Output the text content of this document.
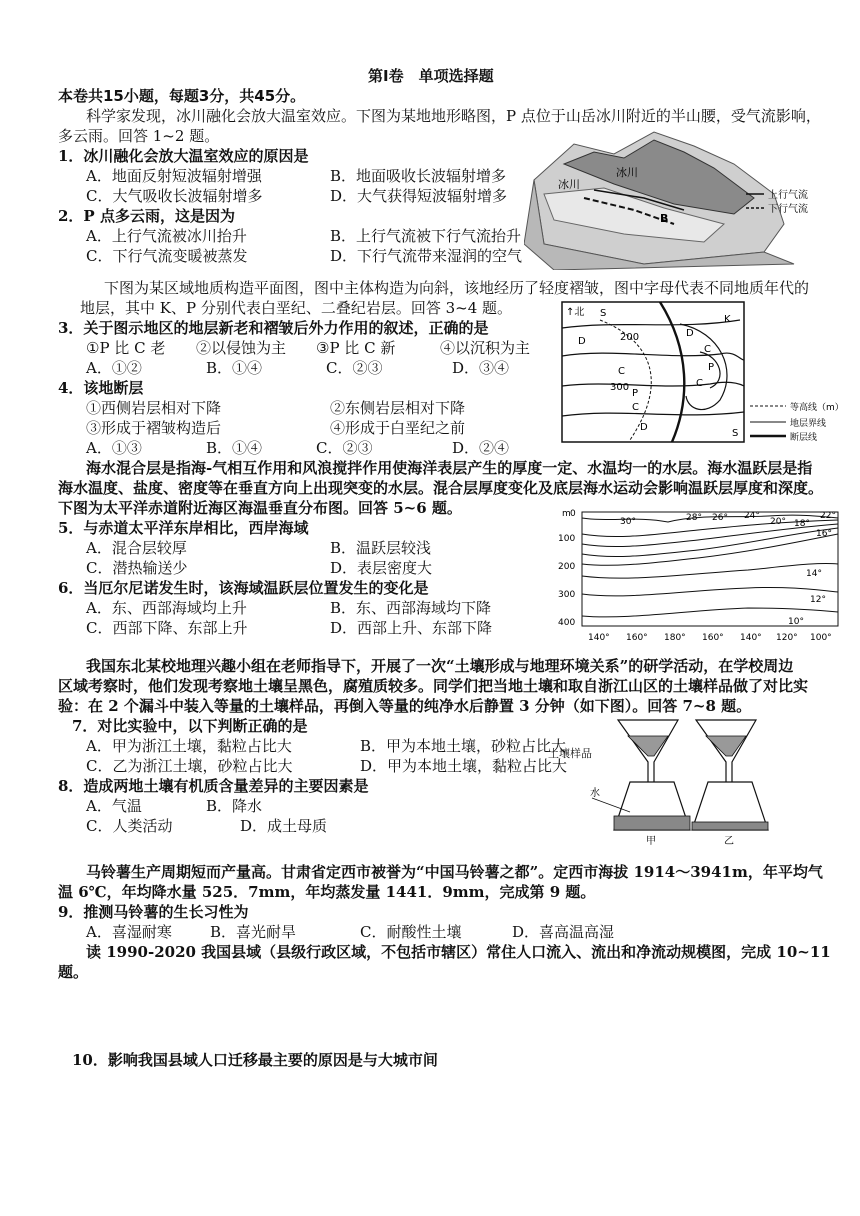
第Ⅰ卷　单项选择题
本卷共15小题，每题3分，共45分。
科学家发现，冰川融化会放大温室效应。下图为某地地形略图，P 点位于山岳冰川附近的半山腰，受气流影响，
多云雨。回答 1~2 题。
1．冰川融化会放大温室效应的原因是
A．地面反射短波辐射增强	B．地面吸收长波辐射增多
C．大气吸收长波辐射增多	D．大气获得短波辐射增多
2．P 点多云雨，这是因为
A．上行气流被冰川抬升	B．上行气流被下行气流抬升
C．下行气流变暖被蒸发	D．下行气流带来湿润的空气
冰川
冰川
B
上行气流
下行气流
下图为某区域地质构造平面图，图中主体构造为向斜，该地经历了轻度褶皱，图中字母代表不同地质年代的
地层，其中 K、P 分别代表白垩纪、二叠纪岩层。回答 3~4 题。
3．关于图示地区的地层新老和褶皱后外力作用的叙述，正确的是
①P 比 C 老 ②以侵蚀为主 ③P 比 C 新	④以沉积为主
A．①②	B．①④	C．②③	D．③④
4．该地断层
①西侧岩层相对下降	②东侧岩层相对下降
③形成于褶皱构造后	④形成于白垩纪之前
A．①③	B．①④	C．②③	D．②④
↑北 S
D
C
P
C
D
200
300
D
K
C
P
C
S
等高线（m）
地层界线
断层线
海水混合层是指海-气相互作用和风浪搅拌作用使海洋表层产生的厚度一定、水温均一的水层。海水温跃层是指
海水温度、盐度、密度等在垂直方向上出现突变的水层。混合层厚度变化及底层海水运动会影响温跃层厚度和深度。
下图为太平洋赤道附近海区海温垂直分布图。回答 5~6 题。
5．与赤道太平洋东岸相比，西岸海域
A．混合层较厚	B．温跃层较浅
C．潜热输送少	D．表层密度大
6．当厄尔尼诺发生时，该海域温跃层位置发生的变化是
A．东、西部海域均上升	B．东、西部海域均下降
C．西部下降、东部上升	D．西部上升、东部下降
m 0
100
200
300
400
140° 160° 180° 160° 140° 120° 100°
30°	28° 26° 24°	22°
20° 18°
16°
14°
12°
10°
我国东北某校地理兴趣小组在老师指导下，开展了一次“土壤形成与地理环境关系”的研学活动，在学校周边
区域考察时，他们发现考察地土壤呈黑色，腐殖质较多。同学们把当地土壤和取自浙江山区的土壤样品做了对比实
验：在 2 个漏斗中装入等量的土壤样品，再倒入等量的纯净水后静置 3 分钟（如下图）。回答 7~8 题。
7．对比实验中，以下判断正确的是
A．甲为浙江土壤，黏粒占比大	B．甲为本地土壤，砂粒占比大
C．乙为浙江土壤，砂粒占比大	D．甲为本地土壤，黏粒占比大
8．造成两地土壤有机质含量差异的主要因素是
A．气温	B．降水
C．人类活动	D．成土母质
水
甲	乙
土壤样品
马铃薯生产周期短而产量高。甘肃省定西市被誉为“中国马铃薯之都”。定西市海拔 1914～3941m，年平均气
温 6℃，年均降水量 525．7mm，年均蒸发量 1441．9mm，完成第 9 题。
9．推测马铃薯的生长习性为
A．喜湿耐寒	B．喜光耐旱	C．耐酸性土壤	D．喜高温高湿
读 1990-2020 我国县域（县级行政区域，不包括市辖区）常住人口流入、流出和净流动规模图，完成 10~11
题。
10．影响我国县域人口迁移最主要的原因是与大城市间
